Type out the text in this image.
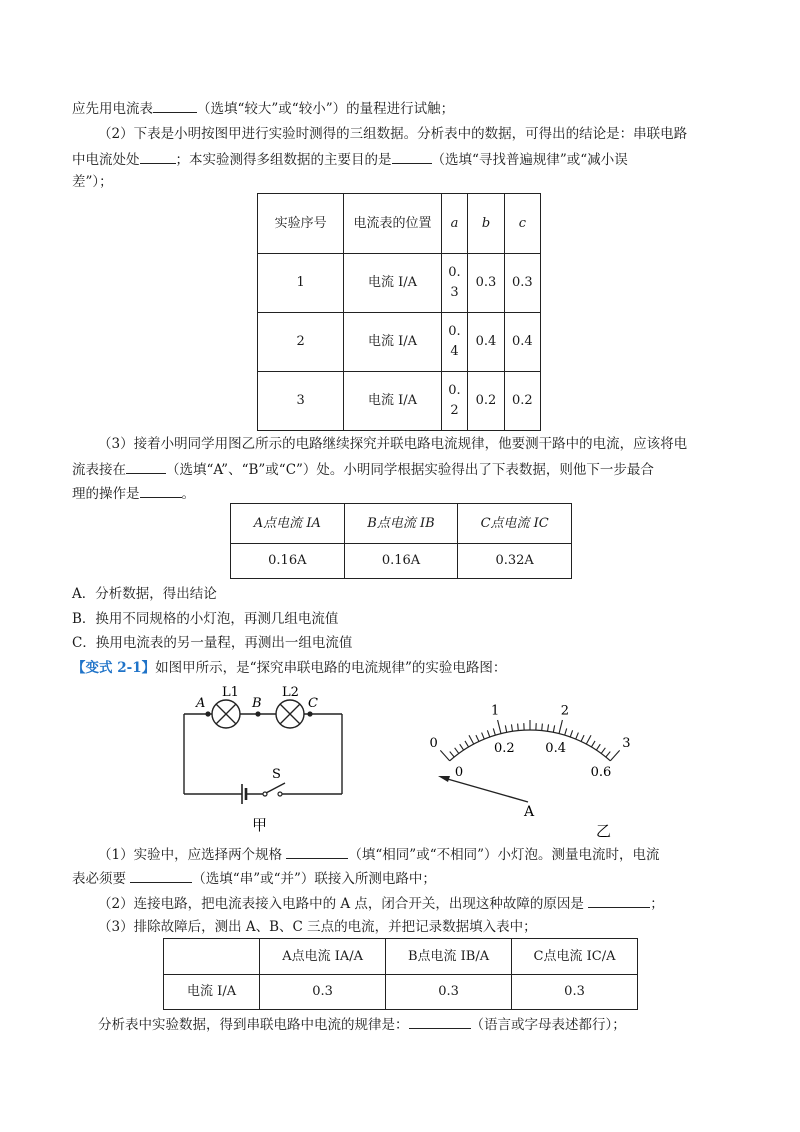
应先用电流表	（选填“较大”或“较小”）的量程进行试触；
（2）下表是小明按图甲进行实验时测得的三组数据。分析表中的数据，可得出的结论是：串联电路
中电流处处	；本实验测得多组数据的主要目的是	（选填“寻找普遍规律”或“减小误
差”）；
实验序号	电流表的位置	a	b	c
1	电流 I/A	0.3	0.3	0.3
2	电流 I/A	0.4	0.4	0.4
3	电流 I/A	0.2	0.2	0.2
（3）接着小明同学用图乙所示的电路继续探究并联电路电流规律，他要测干路中的电流，应该将电
流表接在	（选填“A”、“B”或“C”）处。小明同学根据实验得出了下表数据，则他下一步最合
理的操作是	。
A点电流 IA	B点电流 IB	C点电流 IC
0.16A	0.16A	0.32A
A．分析数据，得出结论
B．换用不同规格的小灯泡，再测几组电流值
C．换用电流表的另一量程，再测出一组电流值
【变式 2-1】如图甲所示，是“探究串联电路的电流规律”的实验电路图：
A	B	C
L1	L2
S
甲
0
1	2
3
0
0.2 0.4
0.6
A
乙
（1）实验中，应选择两个规格	（填“相同”或“不相同”）小灯泡。测量电流时，电流
表必须要	（选填“串”或“并”）联接入所测电路中；
（2）连接电路，把电流表接入电路中的 A 点，闭合开关，出现这种故障的原因是	；
（3）排除故障后，测出 A、B、C 三点的电流，并把记录数据填入表中；
	A点电流 IA/A	B点电流 IB/A	C点电流 IC/A
电流 I/A	0.3	0.3	0.3
分析表中实验数据，得到串联电路中电流的规律是：	（语言或字母表述都行）；
